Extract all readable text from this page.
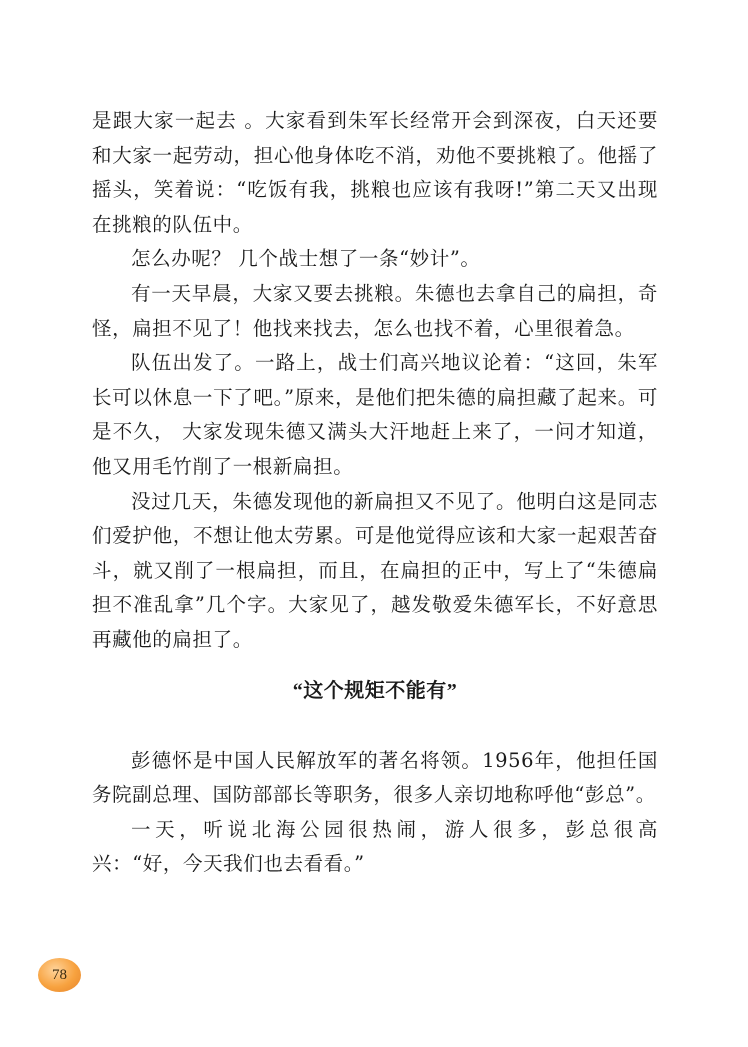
是跟大家一起去 。大家看到朱军长经常开会到深夜，白天还要和大家一起劳动，担心他身体吃不消，劝他不要挑粮了。他摇了摇头，笑着说：“吃饭有我，挑粮也应该有我呀!”第二天又出现在挑粮的队伍中。

怎么办呢？ 几个战士想了一条“妙计”。

有一天早晨，大家又要去挑粮。朱德也去拿自己的扁担，奇怪，扁担不见了！他找来找去，怎么也找不着，心里很着急。

队伍出发了。一路上，战士们高兴地议论着：“这回，朱军长可以休息一下了吧。”原来，是他们把朱德的扁担藏了起来。可是不久， 大家发现朱德又满头大汗地赶上来了，一问才知道，他又用毛竹削了一根新扁担。

没过几天，朱德发现他的新扁担又不见了。他明白这是同志们爱护他，不想让他太劳累。可是他觉得应该和大家一起艰苦奋斗，就又削了一根扁担，而且，在扁担的正中，写上了“朱德扁担不准乱拿”几个字。大家见了，越发敬爱朱德军长，不好意思再藏他的扁担了。

“这个规矩不能有”

彭德怀是中国人民解放军的著名将领。1956年，他担任国务院副总理、国防部部长等职务，很多人亲切地称呼他“彭总”。

一天，听说北海公园很热闹，游人很多，彭总很高兴：“好，今天我们也去看看。”

78
